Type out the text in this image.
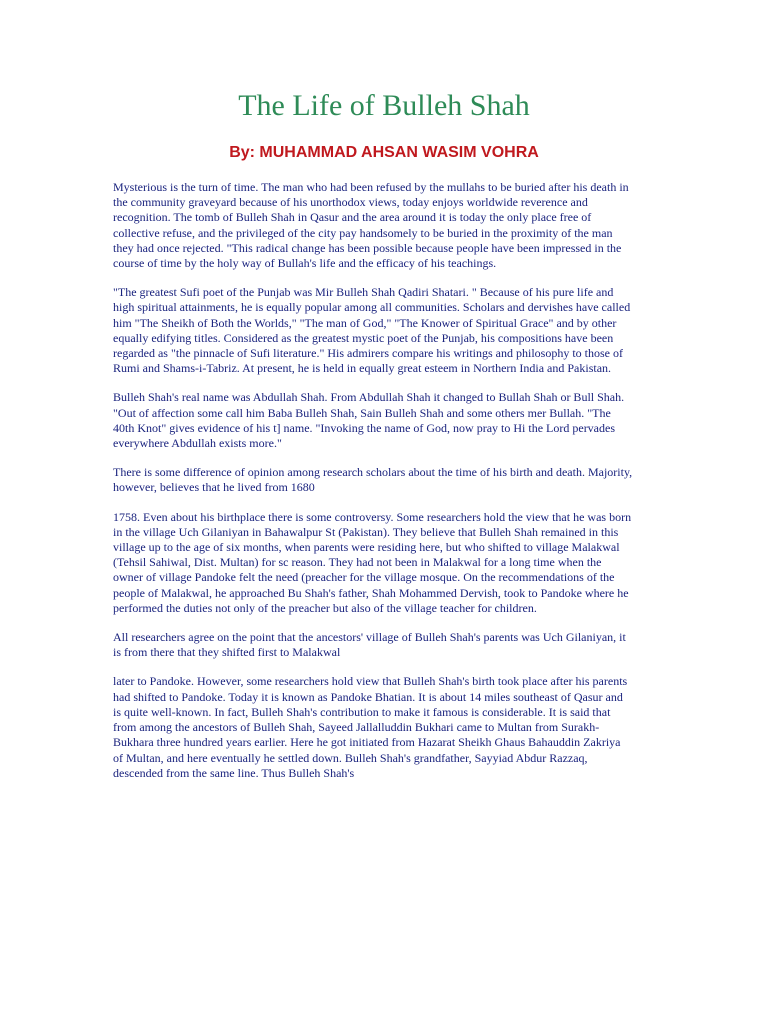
The Life of Bulleh Shah
By: MUHAMMAD AHSAN WASIM VOHRA

Mysterious is the turn of time. The man who had been refused by the mullahs to be buried after his death in the community graveyard because of his unorthodox views, today enjoys worldwide reverence and recognition. The tomb of Bulleh Shah in Qasur and the area around it is today the only place free of collective refuse, and the privileged of the city pay handsomely to be buried in the proximity of the man they had once rejected. "This radical change has been possible because people have been impressed in the course of time by the holy way of Bullah's life and the efficacy of his teachings.

"The greatest Sufi poet of the Punjab was Mir Bulleh Shah Qadiri Shatari. " Because of his pure life and high spiritual attainments, he is equally popular among all communities. Scholars and dervishes have called him "The Sheikh of Both the Worlds," "The man of God," "The Knower of Spiritual Grace" and by other equally edifying titles. Considered as the greatest mystic poet of the Punjab, his compositions have been regarded as "the pinnacle of Sufi literature." His admirers compare his writings and philosophy to those of Rumi and Shams-i-Tabriz. At present, he is held in equally great esteem in Northern India and Pakistan.

Bulleh Shah's real name was Abdullah Shah. From Abdullah Shah it changed to Bullah Shah or Bull Shah. "Out of affection some call him Baba Bulleh Shah, Sain Bulleh Shah and some others mer Bullah. "The 40th Knot" gives evidence of his t] name. "Invoking the name of God, now pray to Hi the Lord pervades everywhere Abdullah exists more."

There is some difference of opinion among research scholars about the time of his birth and death. Majority, however, believes that he lived from 1680

1758. Even about his birthplace there is some controversy. Some researchers hold the view that he was born in the village Uch Gilaniyan in Bahawalpur St (Pakistan). They believe that Bulleh Shah remained in this village up to the age of six months, when parents were residing here, but who shifted to village Malakwal (Tehsil Sahiwal, Dist. Multan) for sc reason. They had not been in Malakwal for a long time when the owner of village Pandoke felt the need (preacher for the village mosque. On the recommendations of the people of Malakwal, he approached Bu Shah's father, Shah Mohammed Dervish, took to Pandoke where he performed the duties not only of the preacher but also of the village teacher for children.

All researchers agree on the point that the ancestors' village of Bulleh Shah's parents was Uch Gilaniyan, it is from there that they shifted first to Malakwal

later to Pandoke. However, some researchers hold view that Bulleh Shah's birth took place after his parents had shifted to Pandoke. Today it is known as Pandoke Bhatian. It is about 14 miles southeast of Qasur and is quite well-known. In fact, Bulleh Shah's contribution to make it famous is considerable. It is said that from among the ancestors of Bulleh Shah, Sayeed Jallalluddin Bukhari came to Multan from Surakh-Bukhara three hundred years earlier. Here he got initiated from Hazarat Sheikh Ghaus Bahauddin Zakriya of Multan, and here eventually he settled down. Bulleh Shah's grandfather, Sayyiad Abdur Razzaq, descended from the same line. Thus Bulleh Shah's
